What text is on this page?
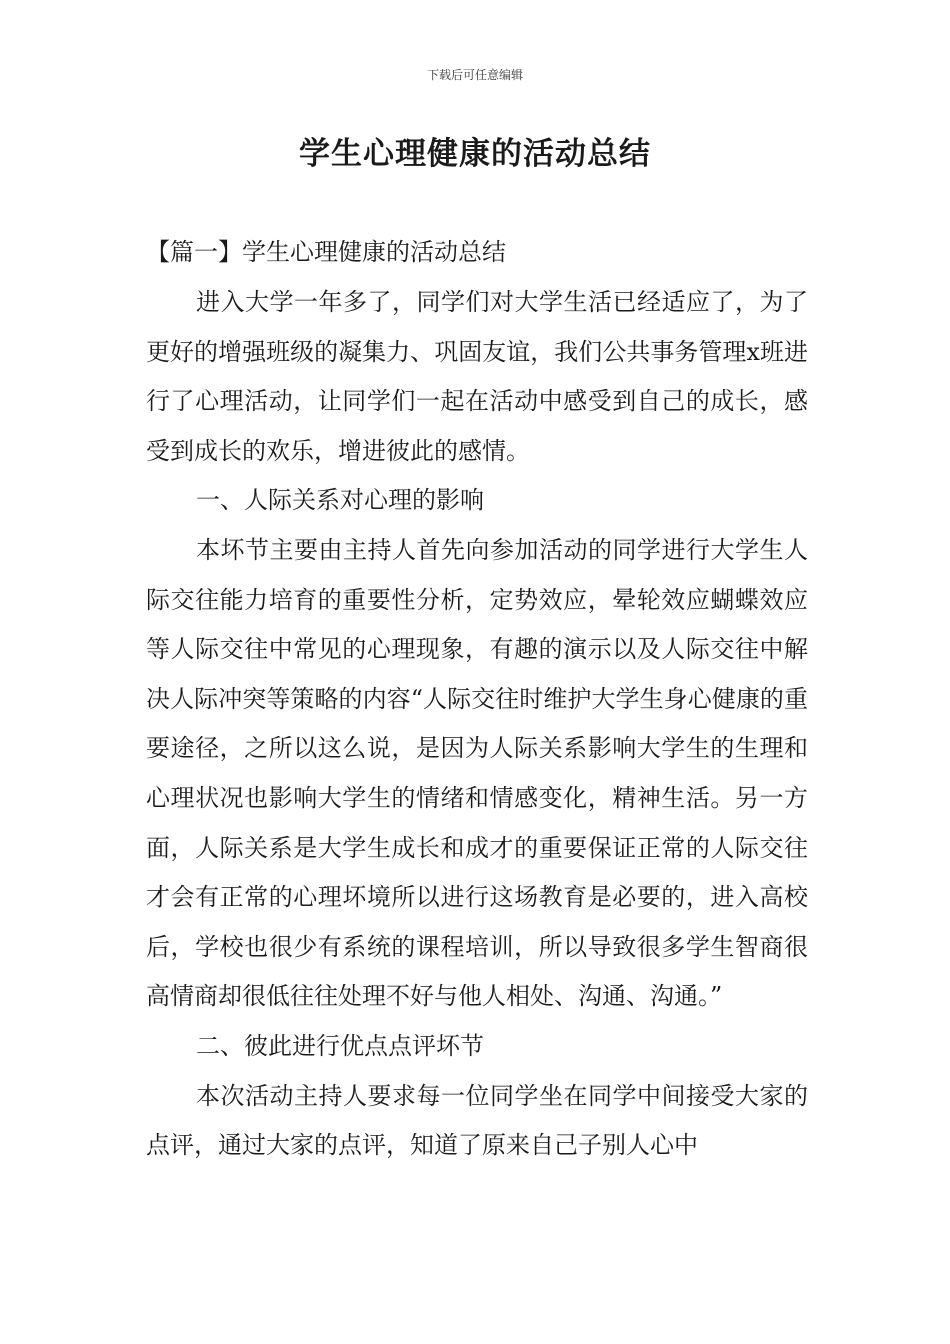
下载后可任意编辑
学生心理健康的活动总结
【篇一】学生心理健康的活动总结

进入大学一年多了，同学们对大学生活已经适应了，为了更好的增强班级的凝集力、巩固友谊，我们公共事务管理x班进行了心理活动，让同学们一起在活动中感受到自己的成长，感受到成长的欢乐，增进彼此的感情。

一、人际关系对心理的影响

本坏节主要由主持人首先向参加活动的同学进行大学生人际交往能力培育的重要性分析，定势效应，晕轮效应蝴蝶效应等人际交往中常见的心理现象，有趣的演示以及人际交往中解决人际冲突等策略的内容“人际交往时维护大学生身心健康的重要途径，之所以这么说，是因为人际关系影响大学生的生理和心理状况也影响大学生的情绪和情感变化，精神生活。另一方面，人际关系是大学生成长和成才的重要保证正常的人际交往才会有正常的心理坏境所以进行这场教育是必要的，进入高校后，学校也很少有系统的课程培训，所以导致很多学生智商很高情商却很低往往处理不好与他人相处、沟通、沟通。”

二、彼此进行优点点评坏节

本次活动主持人要求每一位同学坐在同学中间接受大家的点评，通过大家的点评，知道了原来自己子别人心中
